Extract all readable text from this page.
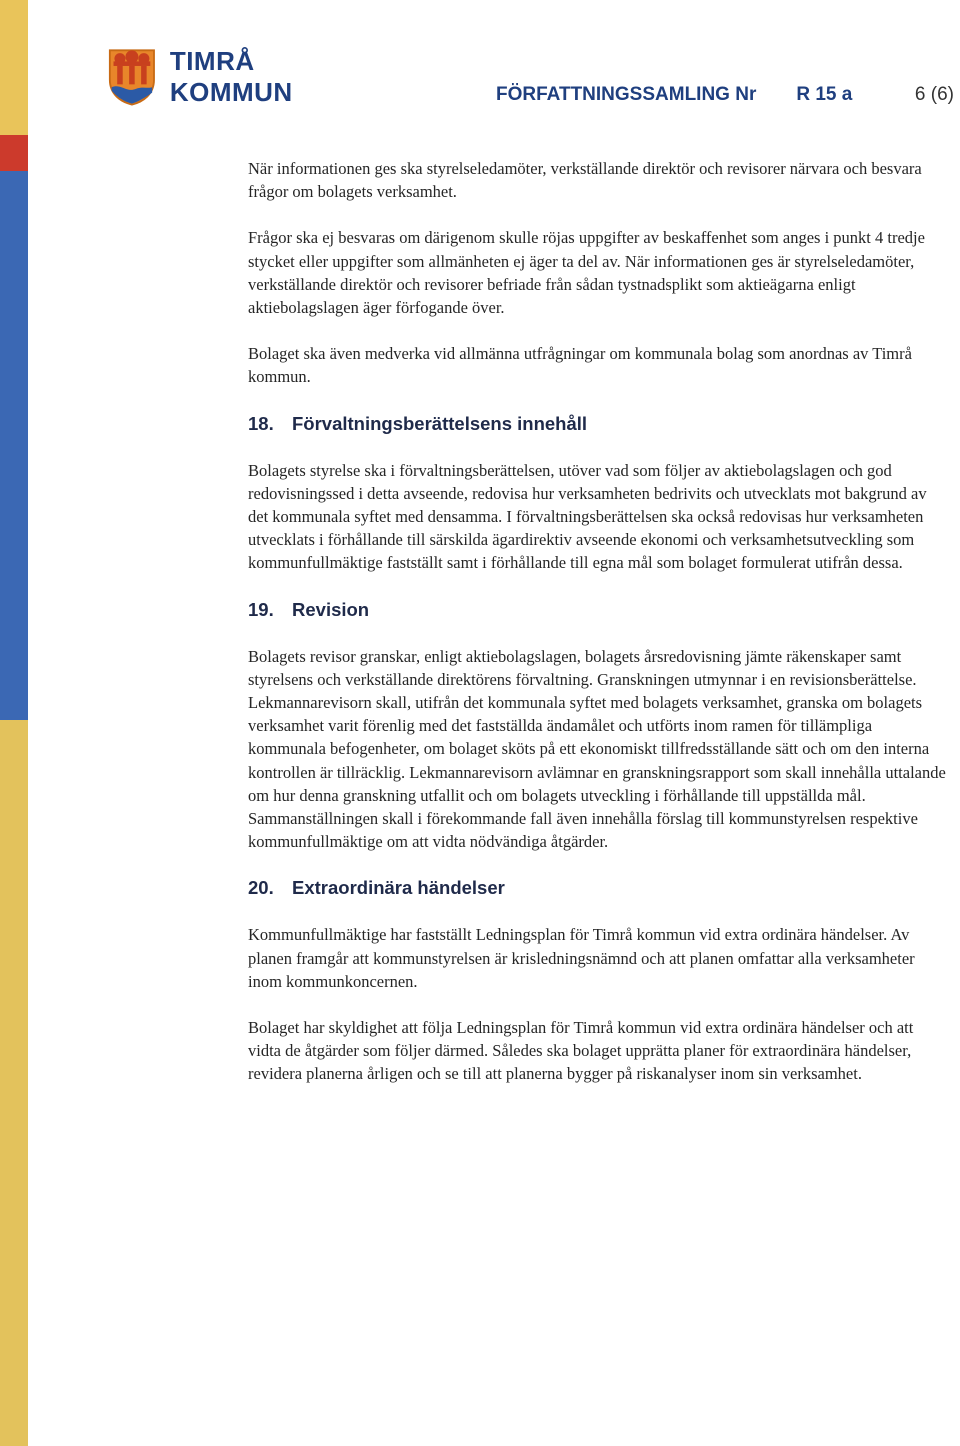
TIMRÅ KOMMUN	FÖRFATTNINGSSAMLING Nr R 15 a	6 (6)

När informationen ges ska styrelseledamöter, verkställande direktör och revisorer närvara och besvara frågor om bolagets verksamhet.

Frågor ska ej besvaras om därigenom skulle röjas uppgifter av beskaffenhet som anges i punkt 4 tredje stycket eller uppgifter som allmänheten ej äger ta del av. När informationen ges är styrelseledamöter, verkställande direktör och revisorer befriade från sådan tystnadsplikt som aktieägarna enligt aktiebolagslagen äger förfogande över.

Bolaget ska även medverka vid allmänna utfrågningar om kommunala bolag som anordnas av Timrå kommun.

18. Förvaltningsberättelsens innehåll

Bolagets styrelse ska i förvaltningsberättelsen, utöver vad som följer av aktiebolagslagen och god redovisningssed i detta avseende, redovisa hur verksamheten bedrivits och utvecklats mot bakgrund av det kommunala syftet med densamma. I förvaltningsberättelsen ska också redovisas hur verksamheten utvecklats i förhållande till särskilda ägardirektiv avseende ekonomi och verksamhetsutveckling som kommunfullmäktige fastställt samt i förhållande till egna mål som bolaget formulerat utifrån dessa.

19. Revision

Bolagets revisor granskar, enligt aktiebolagslagen, bolagets årsredovisning jämte räkenskaper samt styrelsens och verkställande direktörens förvaltning. Granskningen utmynnar i en revisionsberättelse. Lekmannarevisorn skall, utifrån det kommunala syftet med bolagets verksamhet, granska om bolagets verksamhet varit förenlig med det fastställda ändamålet och utförts inom ramen för tillämpliga kommunala befogenheter, om bolaget sköts på ett ekonomiskt tillfredsställande sätt och om den interna kontrollen är tillräcklig. Lekmannarevisorn avlämnar en granskningsrapport som skall innehålla uttalande om hur denna granskning utfallit och om bolagets utveckling i förhållande till uppställda mål. Sammanställningen skall i förekommande fall även innehålla förslag till kommunstyrelsen respektive kommunfullmäktige om att vidta nödvändiga åtgärder.

20. Extraordinära händelser

Kommunfullmäktige har fastställt Ledningsplan för Timrå kommun vid extra ordinära händelser. Av planen framgår att kommunstyrelsen är krisledningsnämnd och att planen omfattar alla verksamheter inom kommunkoncernen.

Bolaget har skyldighet att följa Ledningsplan för Timrå kommun vid extra ordinära händelser och att vidta de åtgärder som följer därmed. Således ska bolaget upprätta planer för extraordinära händelser, revidera planerna årligen och se till att planerna bygger på riskanalyser inom sin verksamhet.
